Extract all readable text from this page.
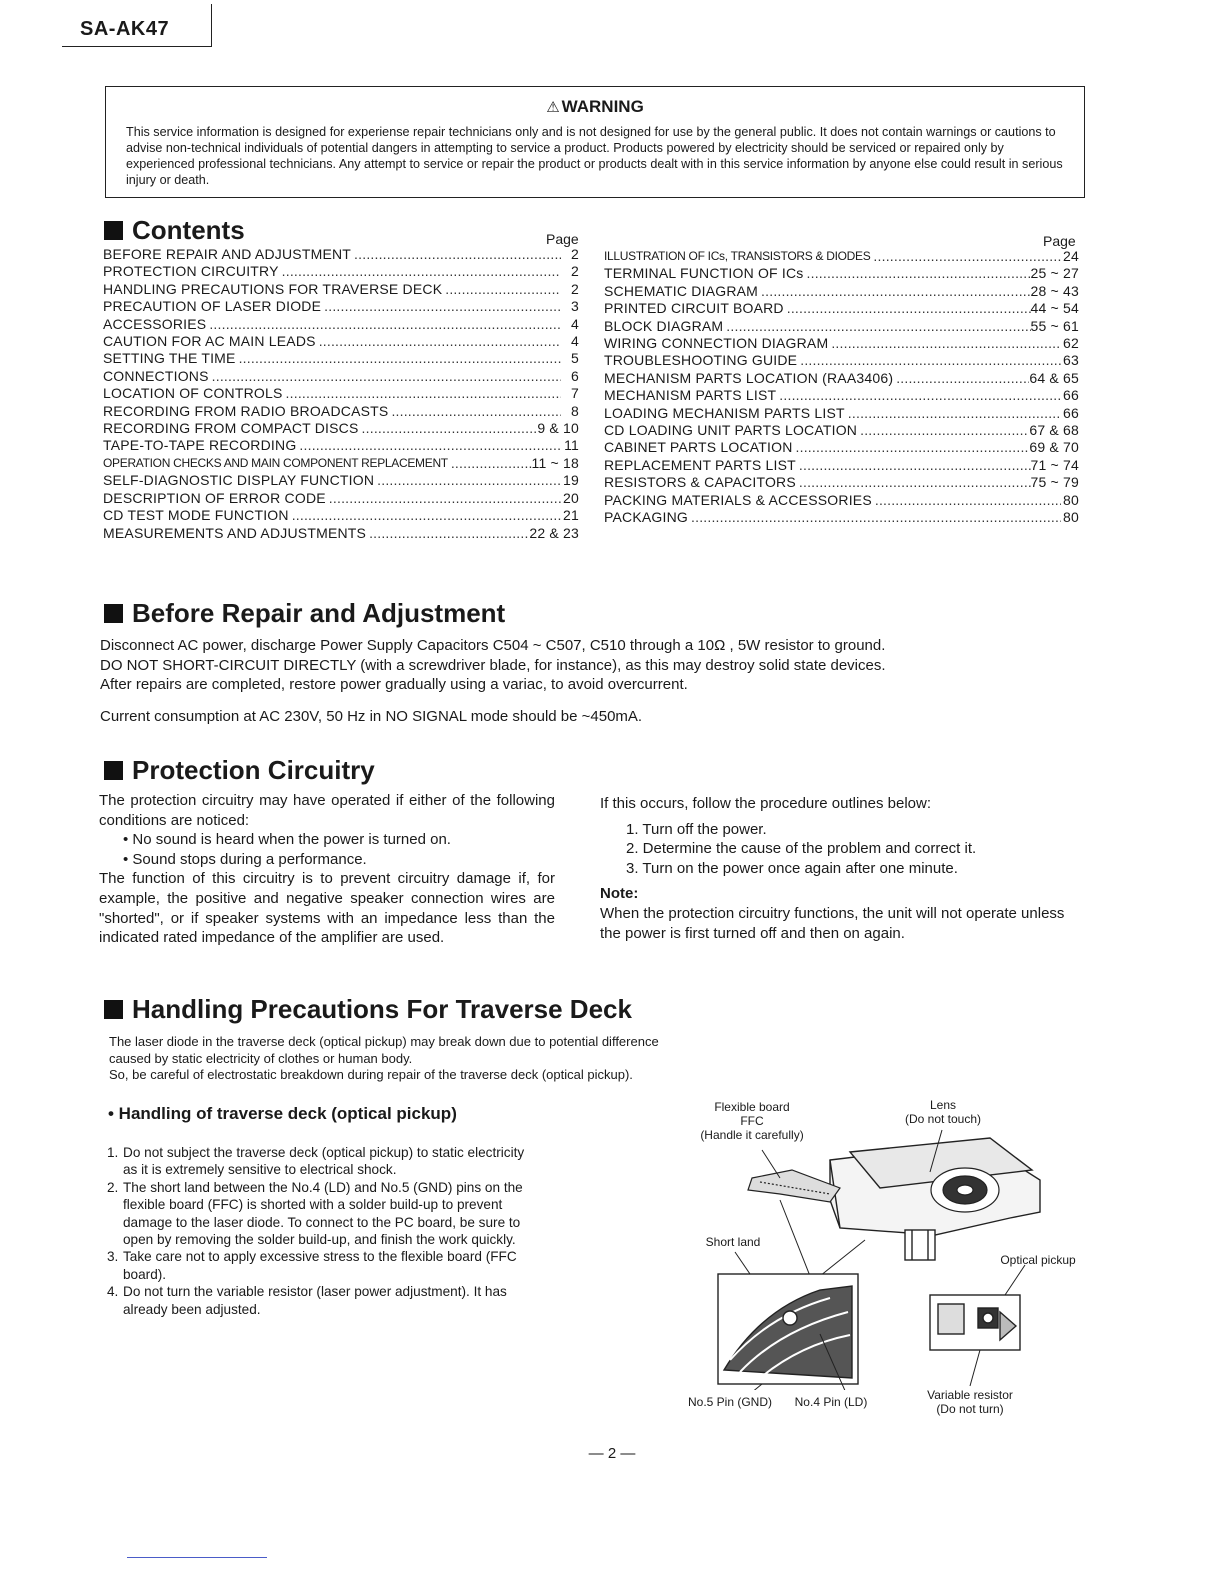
SA-AK47
⚠ WARNING
This service information is designed for experiense repair technicians only and is not designed for use by the general public. It does not contain warnings or cautions to advise non-technical individuals of potential dangers in attempting to service a product. Products powered by electricity should be serviced or repaired only by experienced professional technicians. Any attempt to service or repair the product or products dealt with in this service information by anyone else could result in serious injury or death.
Contents	Page	Page
BEFORE REPAIR AND ADJUSTMENT .....	2
PROTECTION CIRCUITRY .....	2
HANDLING PRECAUTIONS FOR TRAVERSE DECK .....	2
PRECAUTION OF LASER DIODE .....	3
ACCESSORIES .....	4
CAUTION FOR AC MAIN LEADS .....	4
SETTING THE TIME .....	5
CONNECTIONS .....	6
LOCATION OF CONTROLS .....	7
RECORDING FROM RADIO BROADCASTS .....	8
RECORDING FROM COMPACT DISCS .....	9 & 10
TAPE-TO-TAPE RECORDING .....	11
OPERATION CHECKS AND MAIN COMPONENT REPLACEMENT .....	11 ~ 18
SELF-DIAGNOSTIC DISPLAY FUNCTION .....	19
DESCRIPTION OF ERROR CODE .....	20
CD TEST MODE FUNCTION .....	21
MEASUREMENTS AND ADJUSTMENTS .....	22 & 23
ILLUSTRATION OF ICs, TRANSISTORS & DIODES .....	24
TERMINAL FUNCTION OF ICs .....	25 ~ 27
SCHEMATIC DIAGRAM .....	28 ~ 43
PRINTED CIRCUIT BOARD .....	44 ~ 54
BLOCK DIAGRAM .....	55 ~ 61
WIRING CONNECTION DIAGRAM .....	62
TROUBLESHOOTING GUIDE .....	63
MECHANISM PARTS LOCATION (RAA3406) .....	64 & 65
MECHANISM PARTS LIST .....	66
LOADING MECHANISM PARTS LIST .....	66
CD LOADING UNIT PARTS LOCATION .....	67 & 68
CABINET PARTS LOCATION .....	69 & 70
REPLACEMENT PARTS LIST .....	71 ~ 74
RESISTORS & CAPACITORS .....	75 ~ 79
PACKING MATERIALS & ACCESSORIES .....	80
PACKAGING .....	80
Before Repair and Adjustment
Disconnect AC power, discharge Power Supply Capacitors C504 ~ C507, C510 through a 10Ω , 5W resistor to ground.
DO NOT SHORT-CIRCUIT DIRECTLY (with a screwdriver blade, for instance), as this may destroy solid state devices.
After repairs are completed, restore power gradually using a variac, to avoid overcurrent.
Current consumption at AC 230V, 50 Hz in NO SIGNAL mode should be ~450mA.
Protection Circuitry
The protection circuitry may have operated if either of the following conditions are noticed:
• No sound is heard when the power is turned on.
• Sound stops during a performance.
The function of this circuitry is to prevent circuitry damage if, for example, the positive and negative speaker connection wires are "shorted", or if speaker systems with an impedance less than the indicated rated impedance of the amplifier are used.
If this occurs, follow the procedure outlines below:
1. Turn off the power.
2. Determine the cause of the problem and correct it.
3. Turn on the power once again after one minute.
Note:
When the protection circuitry functions, the unit will not operate unless the power is first turned off and then on again.
Handling Precautions For Traverse Deck
The laser diode in the traverse deck (optical pickup) may break down due to potential difference
caused by static electricity of clothes or human body.
So, be careful of electrostatic breakdown during repair of the traverse deck (optical pickup).
• Handling of traverse deck (optical pickup)
1. Do not subject the traverse deck (optical pickup) to static electricity as it is extremely sensitive to electrical shock.
2. The short land between the No.4 (LD) and No.5 (GND) pins on the flexible board (FFC) is shorted with a solder build-up to prevent damage to the laser diode. To connect to the PC board, be sure to open by removing the solder build-up, and finish the work quickly.
3. Take care not to apply excessive stress to the flexible board (FFC board).
4. Do not turn the variable resistor (laser power adjustment). It has already been adjusted.
Flexible board
FFC
(Handle it carefully)
Lens
(Do not touch)
Short land
Optical pickup
No.5 Pin (GND)	No.4 Pin (LD)	Variable resistor
(Do not turn)
— 2 —
